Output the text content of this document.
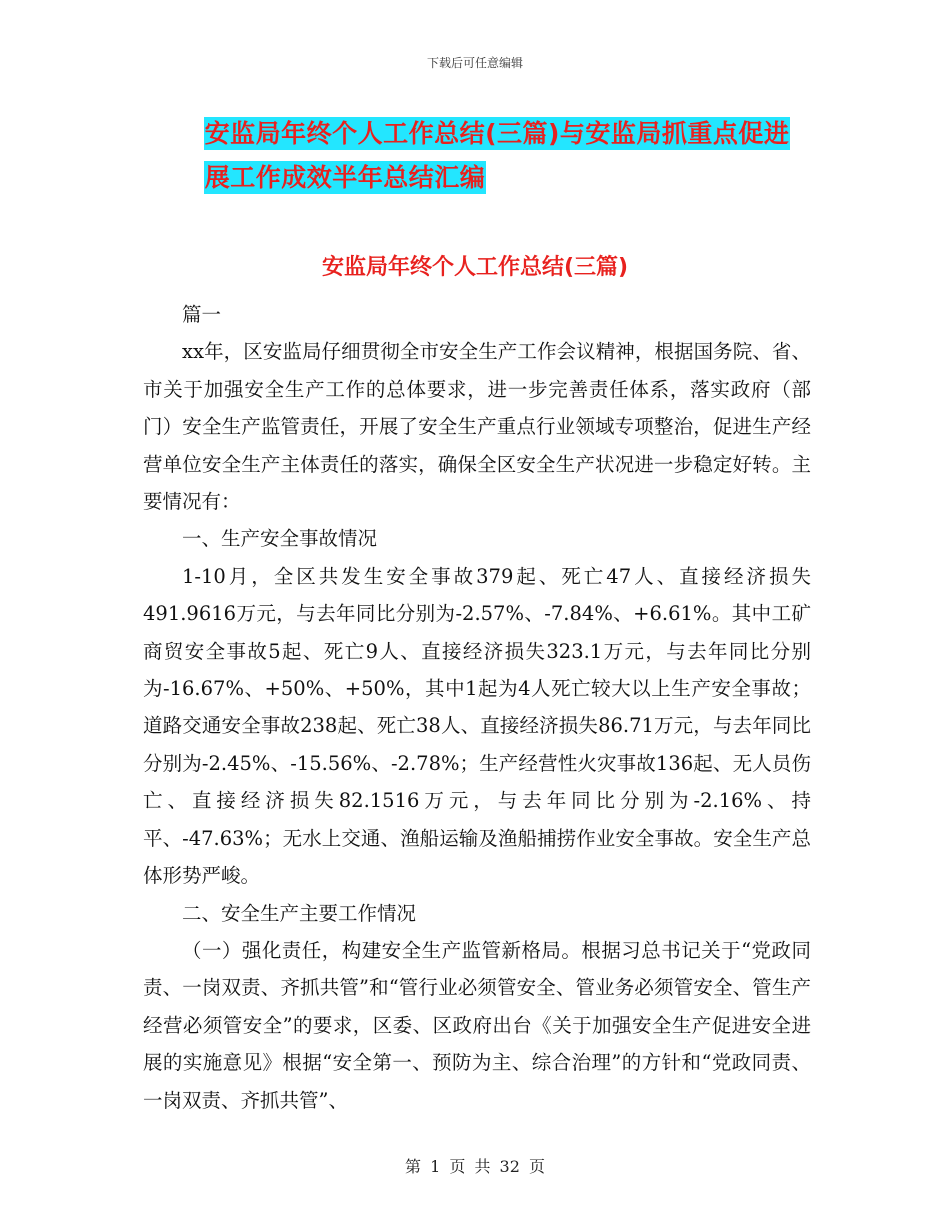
下载后可任意编辑
安监局年终个人工作总结(三篇)与安监局抓重点促进
展工作成效半年总结汇编
安监局年终个人工作总结(三篇)

篇一

xx年，区安监局仔细贯彻全市安全生产工作会议精神，根据国务院、省、市关于加强安全生产工作的总体要求，进一步完善责任体系，落实政府（部门）安全生产监管责任，开展了安全生产重点行业领域专项整治，促进生产经营单位安全生产主体责任的落实，确保全区安全生产状况进一步稳定好转。主要情况有：

一、生产安全事故情况

1-10月，全区共发生安全事故379起、死亡47人、直接经济损失491.9616万元，与去年同比分别为-2.57%、-7.84%、+6.61%。其中工矿商贸安全事故5起、死亡9人、直接经济损失323.1万元，与去年同比分别为-16.67%、+50%、+50%，其中1起为4人死亡较大以上生产安全事故；道路交通安全事故238起、死亡38人、直接经济损失86.71万元，与去年同比分别为-2.45%、-15.56%、-2.78%；生产经营性火灾事故136起、无人员伤亡、直接经济损失82.1516万元，与去年同比分别为-2.16%、持平、-47.63%；无水上交通、渔船运输及渔船捕捞作业安全事故。安全生产总体形势严峻。

二、安全生产主要工作情况

（一）强化责任，构建安全生产监管新格局。根据习总书记关于“党政同责、一岗双责、齐抓共管”和“管行业必须管安全、管业务必须管安全、管生产经营必须管安全”的要求，区委、区政府出台《关于加强安全生产促进安全进展的实施意见》根据“安全第一、预防为主、综合治理”的方针和“党政同责、一岗双责、齐抓共管”、

第 1 页 共 32 页
